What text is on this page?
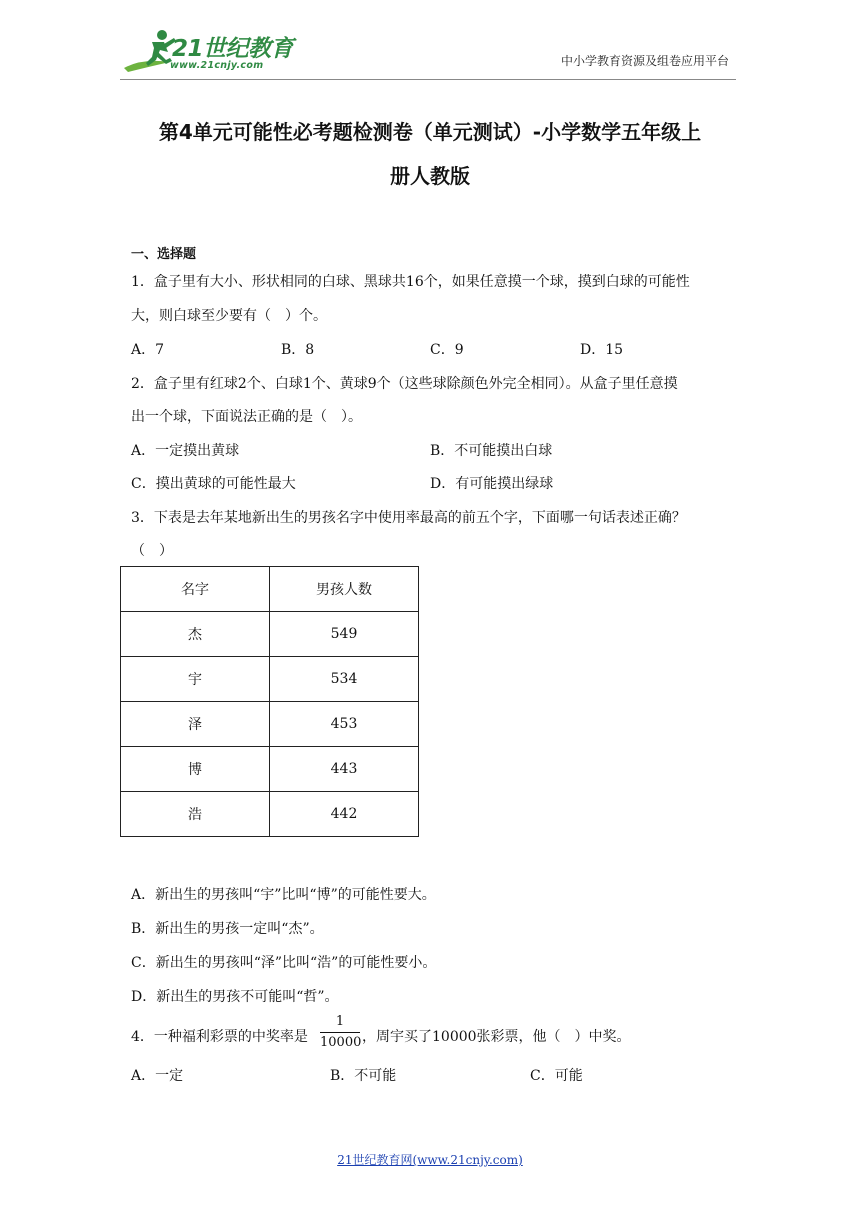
21世纪教育
www.21cnjy.com	中小学教育资源及组卷应用平台
第4单元可能性必考题检测卷（单元测试）-小学数学五年级上
册人教版
一、选择题
1．盒子里有大小、形状相同的白球、黑球共16个，如果任意摸一个球，摸到白球的可能性
大，则白球至少要有（　）个。
A．7	B．8	C．9	D．15
2．盒子里有红球2个、白球1个、黄球9个（这些球除颜色外完全相同）。从盒子里任意摸
出一个球，下面说法正确的是（　）。
A．一定摸出黄球	B．不可能摸出白球
C．摸出黄球的可能性最大	D．有可能摸出绿球
3．下表是去年某地新出生的男孩名字中使用率最高的前五个字，下面哪一句话表述正确？
（　）
名字	男孩人数
杰	549
宇	534
泽	453
博	443
浩	442
A．新出生的男孩叫“宇”比叫“博”的可能性要大。
B．新出生的男孩一定叫“杰”。
C．新出生的男孩叫“泽”比叫“浩”的可能性要小。
D．新出生的男孩不可能叫“哲”。
4．一种福利彩票的中奖率是
1
10000 ，周宇买了10000张彩票，他（　）中奖。
A．一定	B．不可能	C．可能
21世纪教育网(www.21cnjy.com)
